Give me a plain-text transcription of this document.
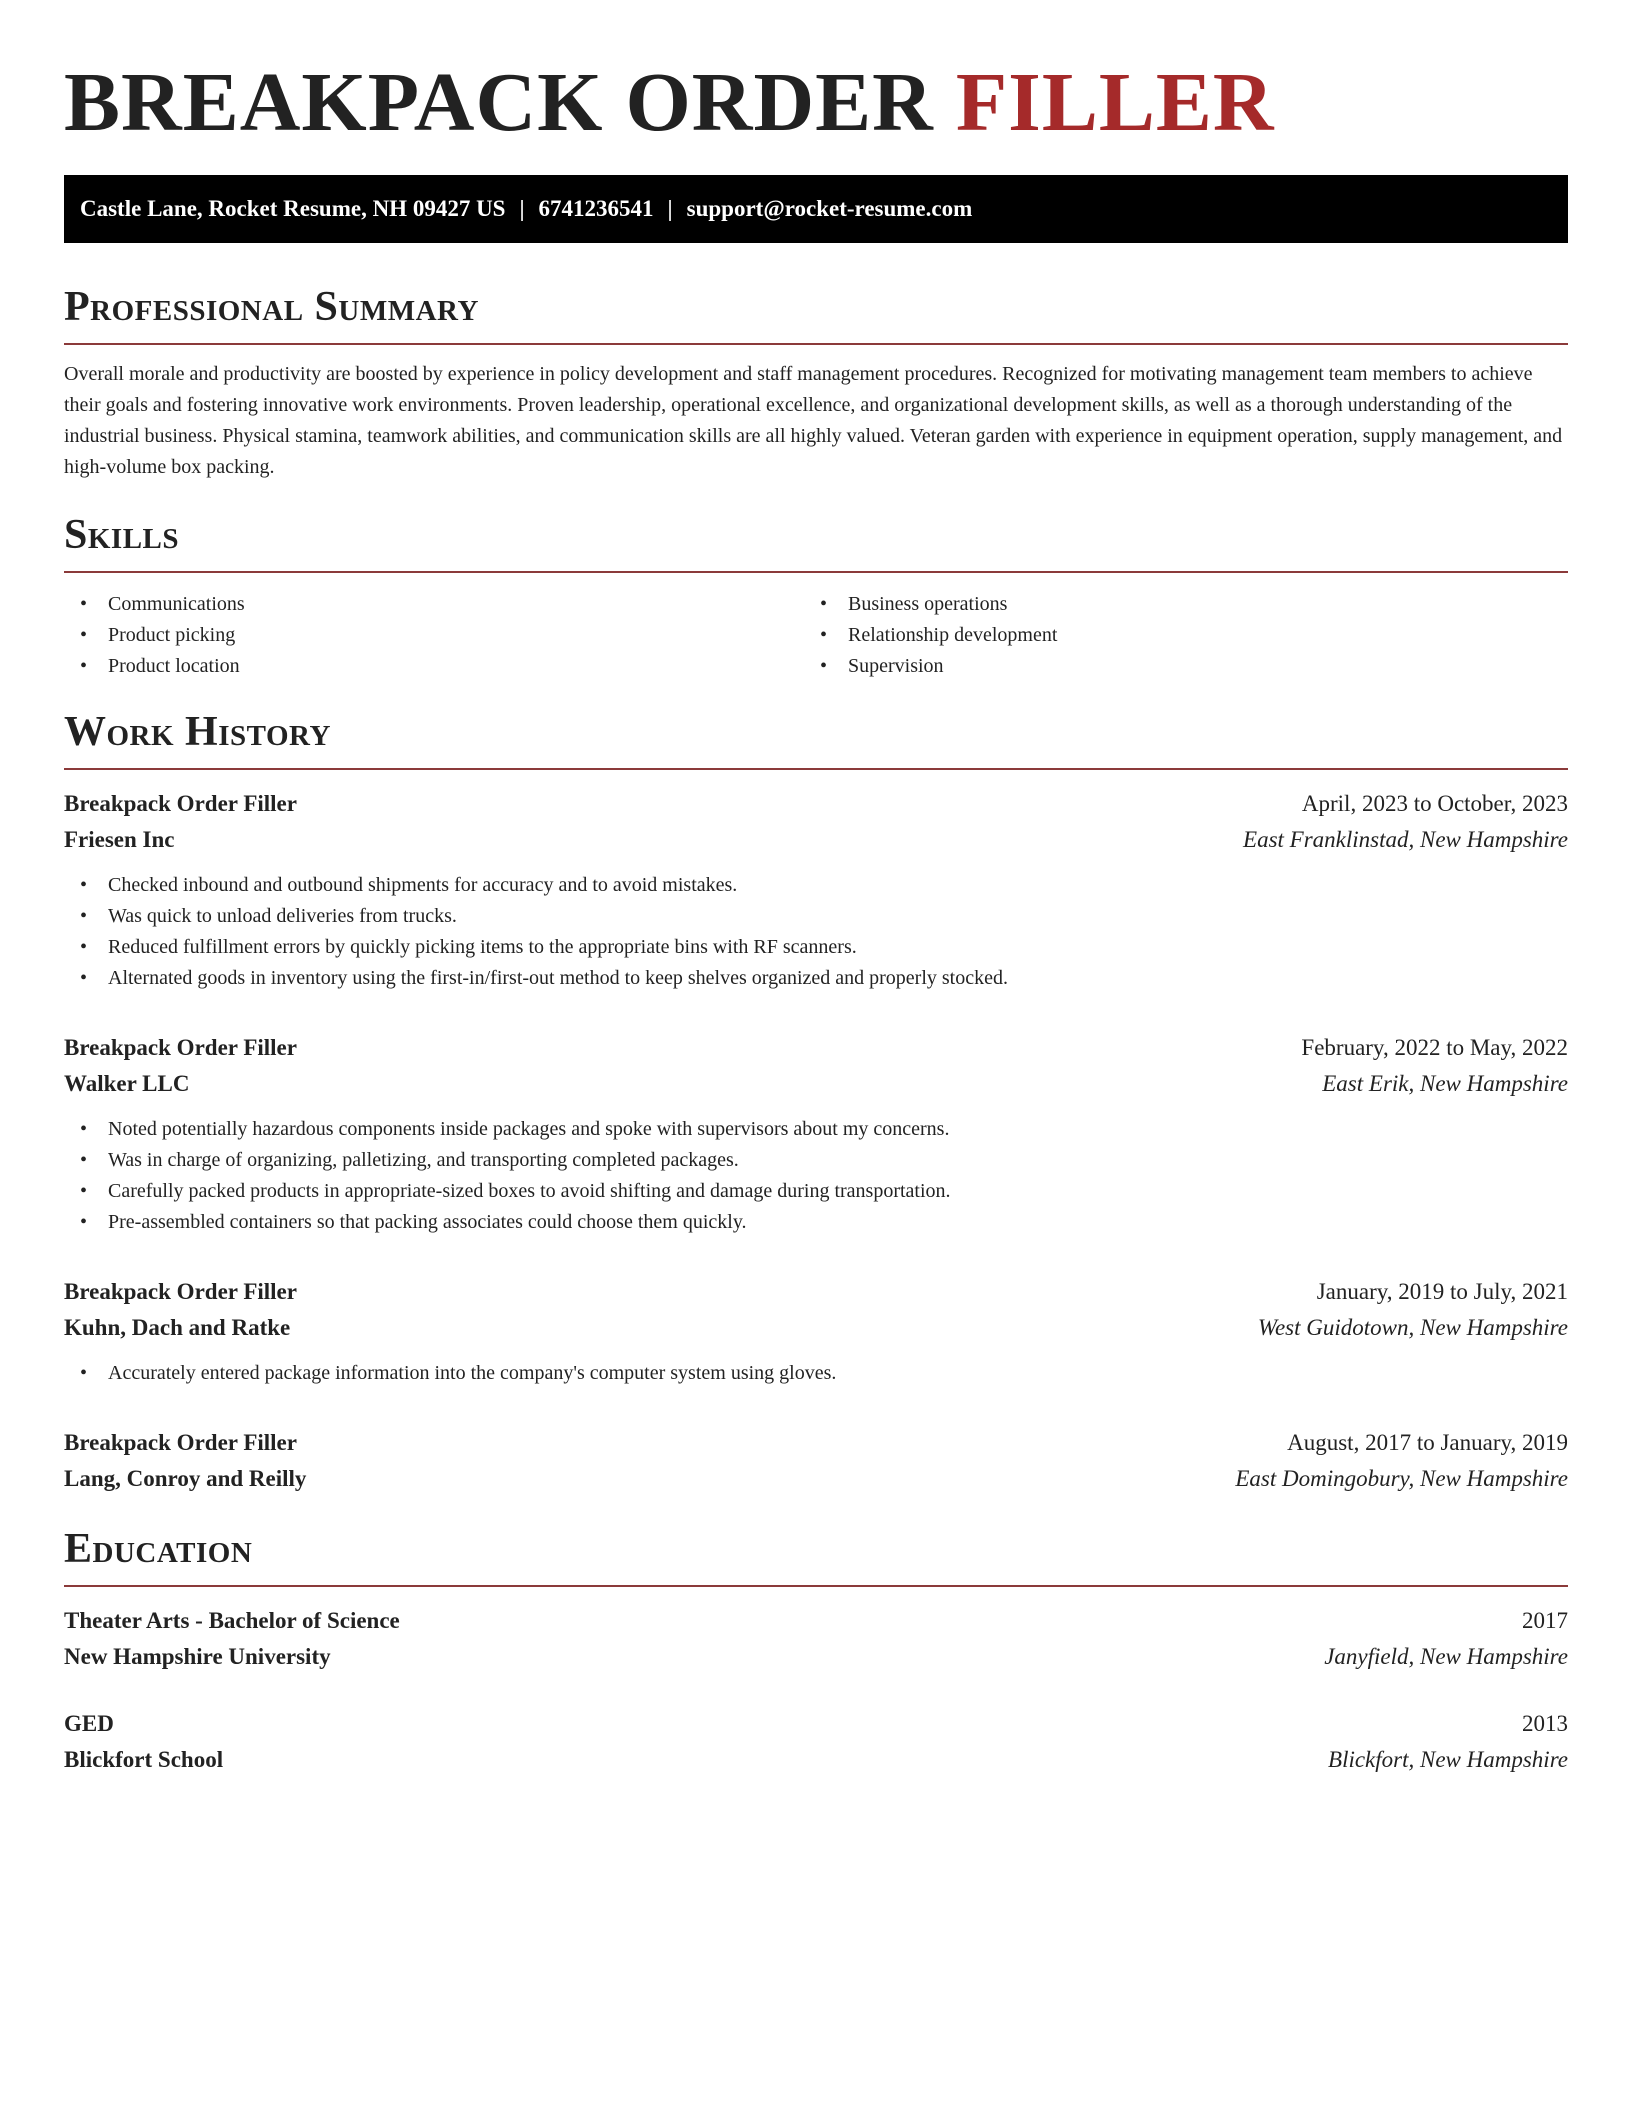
BREAKPACK ORDER FILLER
Castle Lane, Rocket Resume, NH 09427 US | 6741236541 | support@rocket-resume.com
Professional Summary

Overall morale and productivity are boosted by experience in policy development and staff management procedures. Recognized for motivating management team members to achieve their goals and fostering innovative work environments. Proven leadership, operational excellence, and organizational development skills, as well as a thorough understanding of the industrial business. Physical stamina, teamwork abilities, and communication skills are all highly valued. Veteran garden with experience in equipment operation, supply management, and high-volume box packing.

Skills
• Communications
• Product picking
• Product location
• Business operations
• Relationship development
• Supervision
Work History
Breakpack Order Filler	April, 2023 to October, 2023
Friesen Inc	East Franklinstad, New Hampshire
• Checked inbound and outbound shipments for accuracy and to avoid mistakes.
• Was quick to unload deliveries from trucks.
• Reduced fulfillment errors by quickly picking items to the appropriate bins with RF scanners.
• Alternated goods in inventory using the first-in/first-out method to keep shelves organized and properly stocked.
Breakpack Order Filler	February, 2022 to May, 2022
Walker LLC	East Erik, New Hampshire
• Noted potentially hazardous components inside packages and spoke with supervisors about my concerns.
• Was in charge of organizing, palletizing, and transporting completed packages.
• Carefully packed products in appropriate-sized boxes to avoid shifting and damage during transportation.
• Pre-assembled containers so that packing associates could choose them quickly.
Breakpack Order Filler	January, 2019 to July, 2021
Kuhn, Dach and Ratke	West Guidotown, New Hampshire
• Accurately entered package information into the company's computer system using gloves.
Breakpack Order Filler	August, 2017 to January, 2019
Lang, Conroy and Reilly	East Domingobury, New Hampshire
Education
Theater Arts - Bachelor of Science	2017
New Hampshire University	Janyfield, New Hampshire
GED	2013
Blickfort School	Blickfort, New Hampshire
